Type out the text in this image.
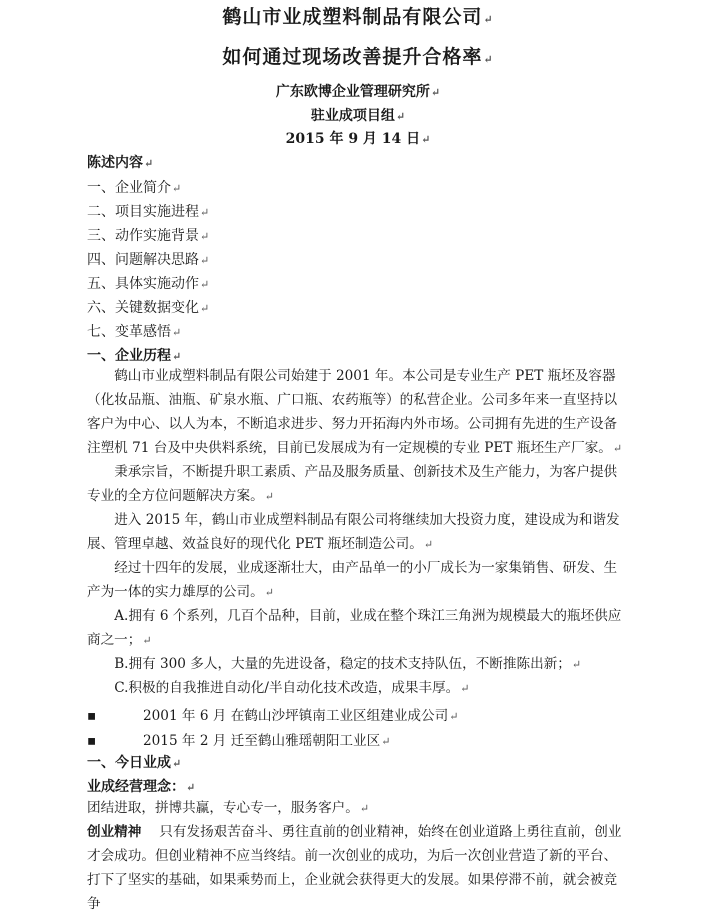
鹤山市业成塑料制品有限公司↵
如何通过现场改善提升合格率↵
广东欧博企业管理研究所↵
驻业成项目组↵
2015 年 9 月 14 日↵
陈述内容↵
一、企业简介↵
二、项目实施进程↵
三、动作实施背景↵
四、问题解决思路↵
五、具体实施动作↵
六、关键数据变化↵
七、变革感悟↵
一、企业历程↵
鹤山市业成塑料制品有限公司始建于 2001 年。本公司是专业生产 PET 瓶坯及容器（化妆品瓶、油瓶、矿泉水瓶、广口瓶、农药瓶等）的私营企业。公司多年来一直坚持以客户为中心、以人为本，不断追求进步、努力开拓海内外市场。公司拥有先进的生产设备注塑机 71 台及中央供料系统，目前已发展成为有一定规模的专业 PET 瓶坯生产厂家。↵
秉承宗旨，不断提升职工素质、产品及服务质量、创新技术及生产能力，为客户提供专业的全方位问题解决方案。↵
进入 2015 年，鹤山市业成塑料制品有限公司将继续加大投资力度，建设成为和谐发展、管理卓越、效益良好的现代化 PET 瓶坯制造公司。↵
经过十四年的发展，业成逐渐壮大，由产品单一的小厂成长为一家集销售、研发、生产为一体的实力雄厚的公司。↵
A.拥有 6 个系列，几百个品种，目前，业成在整个珠江三角洲为规模最大的瓶坯供应商之一；↵
B.拥有 300 多人，大量的先进设备，稳定的技术支持队伍，不断推陈出新；↵
C.积极的自我推进自动化/半自动化技术改造，成果丰厚。↵
▪	2001 年 6 月 在鹤山沙坪镇南工业区组建业成公司↵
▪	2015 年 2 月 迁至鹤山雅瑶朝阳工业区↵
一、今日业成↵
业成经营理念：↵
团结进取，拼博共赢，专心专一，服务客户。↵
创业精神　 只有发扬艰苦奋斗、勇往直前的创业精神，始终在创业道路上勇往直前，创业才会成功。但创业精神不应当终结。前一次创业的成功，为后一次创业营造了新的平台、打下了坚实的基础，如果乘势而上，企业就会获得更大的发展。如果停滞不前，就会被竞争
